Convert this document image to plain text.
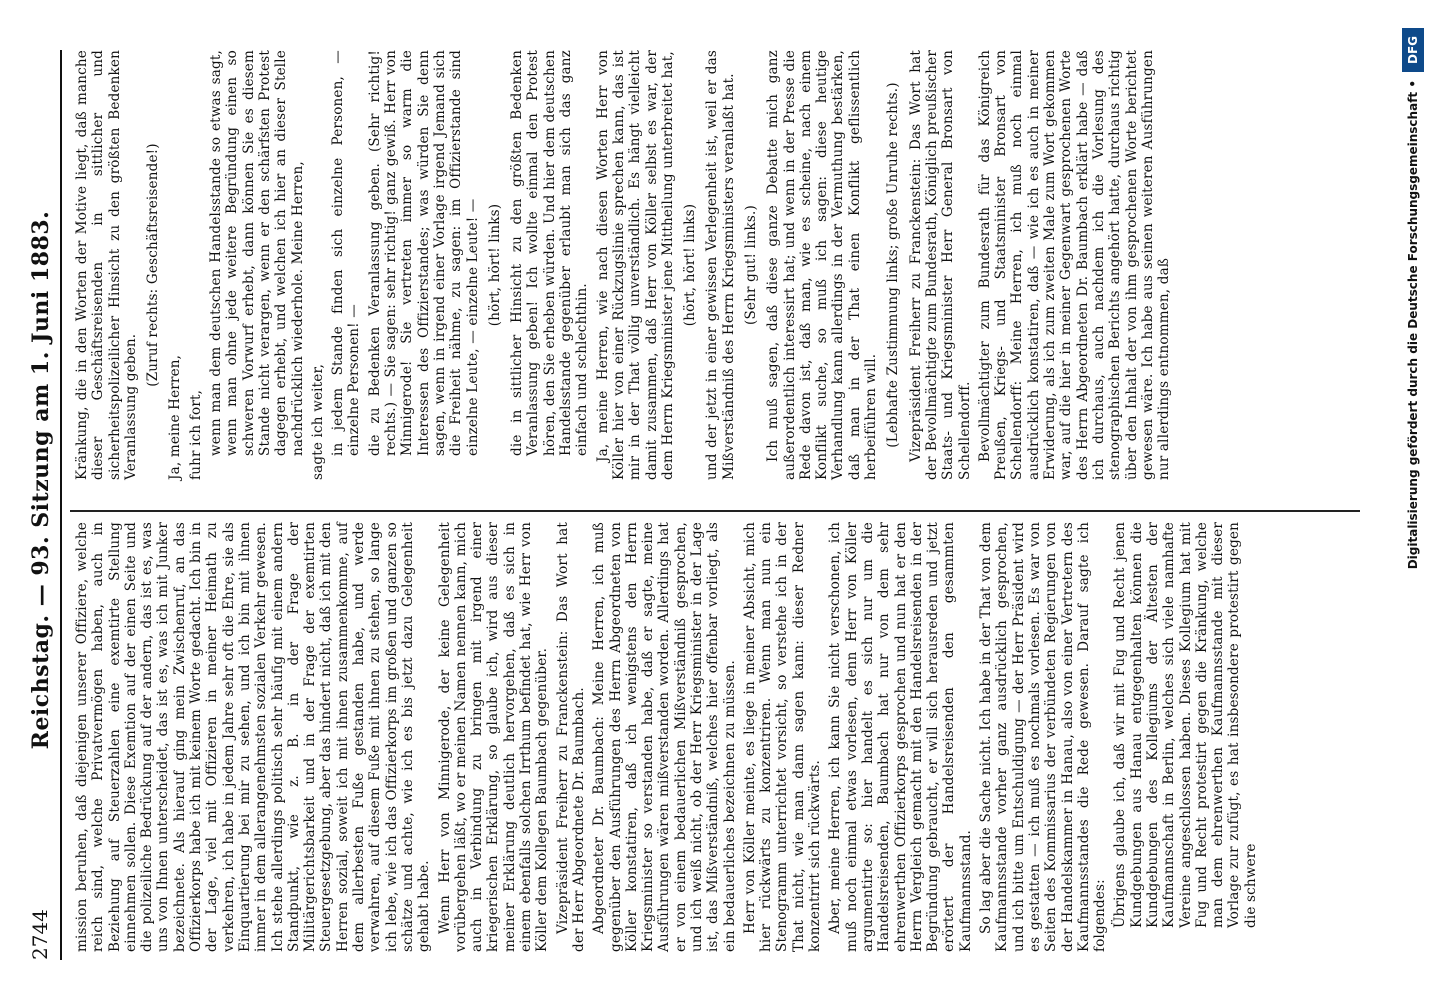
2744
Reichstag. — 93. Sitzung am 1. Juni 1883. mission beruhen, daß diejenigen unserer Offiziere, welche reich sind, welche Privatvermögen haben, auch in Beziehung auf Steuerzahlen eine exemtirte Stellung einnehmen sollen. Diese Exemtion auf der einen Seite und die polizeiliche Bedrückung auf der andern, das ist es, was uns von Ihnen unterscheidet, das ist es, was ich mit Junker bezeichnete. Als hierauf ging mein Zwischenruf, an das Offizierkorps habe ich mit keinem Worte gedacht. Ich bin in der Lage, viel mit Offizieren in meiner Heimath zu verkehren, ich habe in jedem Jahre sehr oft die Ehre, sie als Einquartierung bei mir zu sehen, und ich bin mit ihnen immer in dem allerangenehmsten sozialen Verkehr gewesen. Ich stehe allerdings politisch sehr häufig mit einem andern Standpunkt, wie z. B. in der Frage der Militärgerichtsbarkeit und in der Frage der exemtirten Steuergesetzgebung, aber das hindert nicht, daß ich mit den Herren sozial, soweit ich mit ihnen zusammenkomme, auf dem allerbesten Fuße gestanden habe, und werde verwahren, auf diesem Fuße mit ihnen zu stehen, so lange ich lebe, wie ich das Offizierkorps im großen und ganzen so schätze und achte, wie ich es bis jetzt dazu Gelegenheit gehabt habe. Wenn Herr von Minnigerode, der keine Gelegenheit vorübergehen läßt, wo er meinen Namen nennen kann, mich auch in Verbindung zu bringen mit irgend einer kriegerischen Erklärung, so glaube ich, wird aus dieser meiner Erklärung deutlich hervorgehen, daß es sich in einem ebenfalls solchen Irrthum befindet hat, wie Herr von Köller dem Kollegen Baumbach gegenüber. Vizepräsident Freiherr zu Franckenstein: Das Wort hat der Herr Abgeordnete Dr. Baumbach. Abgeordneter Dr. Baumbach: Meine Herren, ich muß gegenüber den Ausführungen des Herrn Abgeordneten von Köller konstatiren, daß ich wenigstens den Herrn Kriegsminister so verstanden habe, daß er sagte, meine Ausführungen wären mißverstanden worden. Allerdings hat er von einem bedauerlichen Mißverständniß gesprochen, und ich weiß nicht, ob der Herr Kriegsminister in der Lage ist, das Mißverständniß, welches hier offenbar vorliegt, als ein bedauerliches bezeichnen zu müssen. Herr von Köller meinte, es liege in meiner Absicht, mich hier rückwärts zu konzentriren. Wenn man nun ein Stenogramm unterrichtet vorsicht, so verstehe ich in der That nicht, wie man dann sagen kann: dieser Redner konzentrirt sich rückwärts. Aber, meine Herren, ich kann Sie nicht verschonen, ich muß noch einmal etwas vorlesen, denn Herr von Köller argumentirte so: hier handelt es sich nur um die Handelsreisenden, Baumbach hat nur von dem sehr ehrenwerthen Offizierkorps gesprochen und nun hat er den Herrn Vergleich gemacht mit den Handelsreisenden in der Begründung gebraucht, er will sich herausreden und jetzt erörtert der Handelsreisenden den gesammten Kaufmannsstand. So lag aber die Sache nicht. Ich habe in der That von dem Kaufmannsstande vorher ganz ausdrücklich gesprochen, und ich bitte um Entschuldigung — der Herr Präsident wird es gestatten — ich muß es nochmals vorlesen. Es war von Seiten des Kommissarius der verbündeten Regierungen von der Handelskammer in Hanau, also von einer Vertretern des Kaufmannsstandes die Rede gewesen. Darauf sagte ich folgendes: Übrigens glaube ich, daß wir mit Fug und Recht jenen Kundgebungen aus Hanau entgegenhalten können die Kundgebungen des Kollegiums der Ältesten der Kaufmannschaft in Berlin, welches sich viele namhafte Vereine angeschlossen haben. Dieses Kollegium hat mit Fug und Recht protestirt gegen die Kränkung, welche man dem ehrenwerthen Kaufmannsstande mit dieser Vorlage zur zufügt, es hat insbesondere protestirt gegen die schwere

Kränkung, die in den Worten der Motive liegt, daß manche dieser Geschäftsreisenden in sittlicher und sicherheitspolizeilicher Hinsicht zu den größten Bedenken Veranlassung geben.

(Zuruf rechts: Geschäftsreisende!)

Ja, meine Herren, fuhr ich fort, wenn man dem deutschen Handelsstande so etwas sagt, wenn man ohne jede weitere Begründung einen so schweren Vorwurf erhebt, dann können Sie es diesem Stande nicht verargen, wenn er den schärfsten Protest dagegen erhebt, und welchen ich hier an dieser Stelle nachdrücklich wiederhole. Meine Herren, sagte ich weiter, in jedem Stande finden sich einzelne Personen, — einzelne Personen! — die zu Bedenken Veranlassung geben. (Sehr richtig! rechts.) — Sie sagen: sehr richtig! ganz gewiß. Herr von Minnigerode! Sie vertreten immer so warm die Interessen des Offizierstandes; was würden Sie denn sagen, wenn in irgend einer Vorlage irgend Jemand sich die Freiheit nähme, zu sagen: im Offizierstande sind einzelne Leute, — einzelne Leute! — (hört, hört! links) die in sittlicher Hinsicht zu den größten Bedenken Veranlassung geben! Ich wollte einmal den Protest hören, den Sie erheben würden. Und hier dem deutschen Handelsstande gegenüber erlaubt man sich das ganz einfach und schlechthin. Ja, meine Herren, wie nach diesen Worten Herr von Köller hier von einer Rückzugslinie sprechen kann, das ist mir in der That völlig unverständlich. Es hängt vielleicht damit zusammen, daß Herr von Köller selbst es war, der dem Herrn Kriegsminister jene Mittheilung unterbreitet hat, (hört, hört! links) und der jetzt in einer gewissen Verlegenheit ist, weil er das Mißverständniß des Herrn Kriegsministers veranlaßt hat. (Sehr gut! links.) Ich muß sagen, daß diese ganze Debatte mich ganz außerordentlich interessirt hat; und wenn in der Presse die Rede davon ist, daß man, wie es scheine, nach einem Konflikt suche, so muß ich sagen: diese heutige Verhandlung kann allerdings in der Vermuthung bestärken, daß man in der That einen Konflikt geflissentlich herbeiführen will. (Lebhafte Zustimmung links; große Unruhe rechts.) Vizepräsident Freiherr zu Franckenstein: Das Wort hat der Bevollmächtigte zum Bundesrath, Königlich preußischer Staats- und Kriegsminister Herr General Bronsart von Schellendorff. Bevollmächtigter zum Bundesrath für das Königreich Preußen, Kriegs- und Staatsminister Bronsart von Schellendorff: Meine Herren, ich muß noch einmal ausdrücklich konstatiren, daß — wie ich es auch in meiner Erwiderung, als ich zum zweiten Male zum Wort gekommen war, auf die hier in meiner Gegenwart gesprochenen Worte des Herrn Abgeordneten Dr. Baumbach erklärt habe — daß ich durchaus, auch nachdem ich die Vorlesung des stenographischen Berichts angehört hatte, durchaus richtig über den Inhalt der von ihm gesprochenen Worte berichtet gewesen wäre. Ich habe aus seinen weiteren Ausführungen nur allerdings entnommen, daß	Digitalisierung gefördert durch die Deutsche Forschungsgemeinschaft •
DFG
